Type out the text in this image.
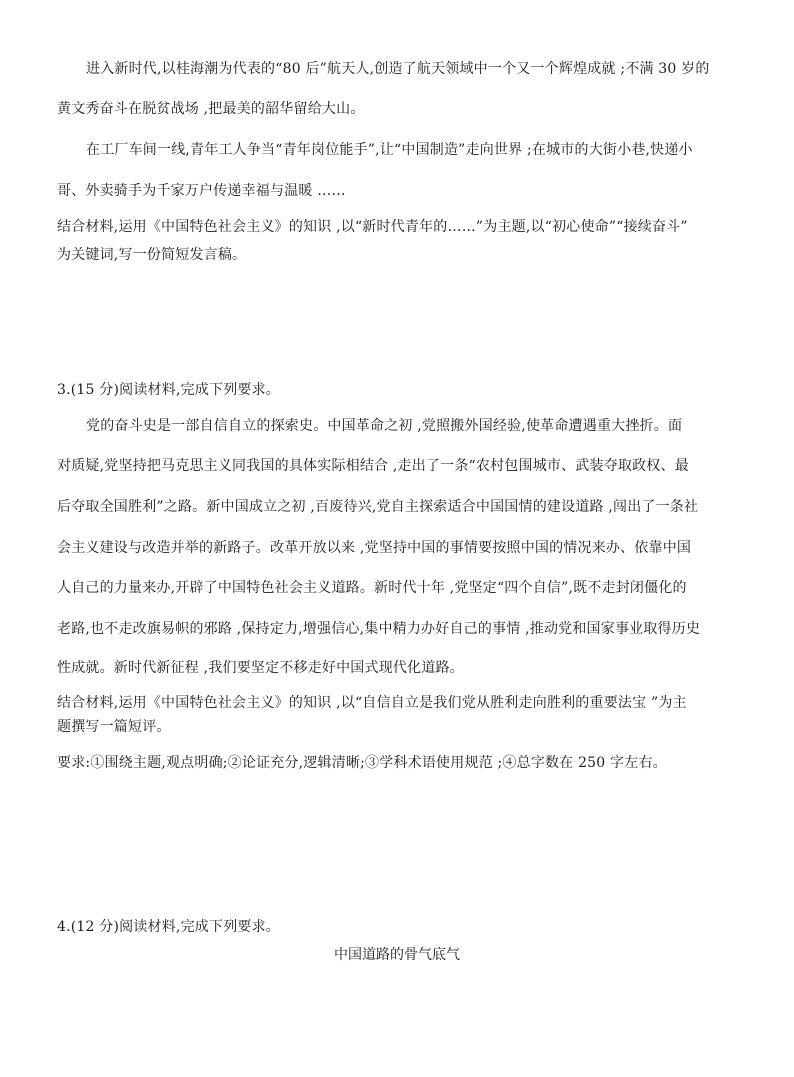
进入新时代,以桂海潮为代表的“80 后”航天人,创造了航天领域中一个又一个辉煌成就 ;不满 30 岁的
黄文秀奋斗在脱贫战场 ,把最美的韶华留给大山。
在工厂车间一线,青年工人争当“青年岗位能手”,让“中国制造”走向世界 ;在城市的大街小巷,快递小
哥、外卖骑手为千家万户传递幸福与温暖 ……
结合材料,运用《中国特色社会主义》的知识 ,以“新时代青年的……”为主题,以“初心使命”“接续奋斗”
为关键词,写一份简短发言稿。
3.(15 分)阅读材料,完成下列要求。
党的奋斗史是一部自信自立的探索史。中国革命之初 ,党照搬外国经验,使革命遭遇重大挫折。面
对质疑,党坚持把马克思主义同我国的具体实际相结合 ,走出了一条“农村包围城市、武装夺取政权、最
后夺取全国胜利”之路。新中国成立之初 ,百废待兴,党自主探索适合中国国情的建设道路 ,闯出了一条社
会主义建设与改造并举的新路子。改革开放以来 ,党坚持中国的事情要按照中国的情况来办、依靠中国
人自己的力量来办,开辟了中国特色社会主义道路。新时代十年 ,党坚定“四个自信”,既不走封闭僵化的
老路,也不走改旗易帜的邪路 ,保持定力,增强信心,集中精力办好自己的事情 ,推动党和国家事业取得历史
性成就。新时代新征程 ,我们要坚定不移走好中国式现代化道路。
结合材料,运用《中国特色社会主义》的知识 ,以“自信自立是我们党从胜利走向胜利的重要法宝 ”为主
题撰写一篇短评。
要求:①围绕主题,观点明确;②论证充分,逻辑清晰;③学科术语使用规范 ;④总字数在 250 字左右。
4.(12 分)阅读材料,完成下列要求。
中国道路的骨气底气
